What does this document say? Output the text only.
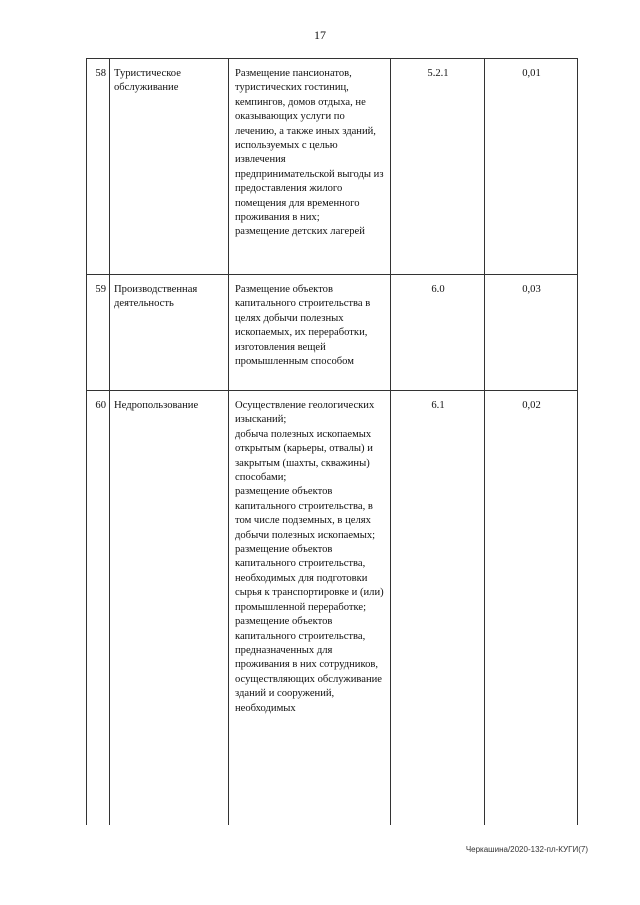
17
58	Туристическое обслуживание	Размещение пансионатов, туристических гостиниц, кемпингов, домов отдыха, не оказывающих услуги по лечению, а также иных зданий, используемых с целью извлечения предпринимательской выгоды из предоставления жилого помещения для временного проживания в них;
размещение детских лагерей	5.2.1	0,01
59	Производственная деятельность	Размещение объектов капитального строительства в целях добычи полезных ископаемых, их переработки, изготовления вещей промышленным способом	6.0	0,03
60	Недропользование	Осуществление геологических изысканий;
добыча полезных ископаемых открытым (карьеры, отвалы) и закрытым (шахты, скважины) способами;
размещение объектов капитального строительства, в том числе подземных, в целях добычи полезных ископаемых;
размещение объектов капитального строительства, необходимых для подготовки сырья к транспортировке и (или) промышленной переработке;
размещение объектов капитального строительства, предназначенных для проживания в них сотрудников, осуществляющих обслуживание зданий и сооружений, необходимых	6.1	0,02
Черкашина/2020-132-пл-КУГИ(7)
